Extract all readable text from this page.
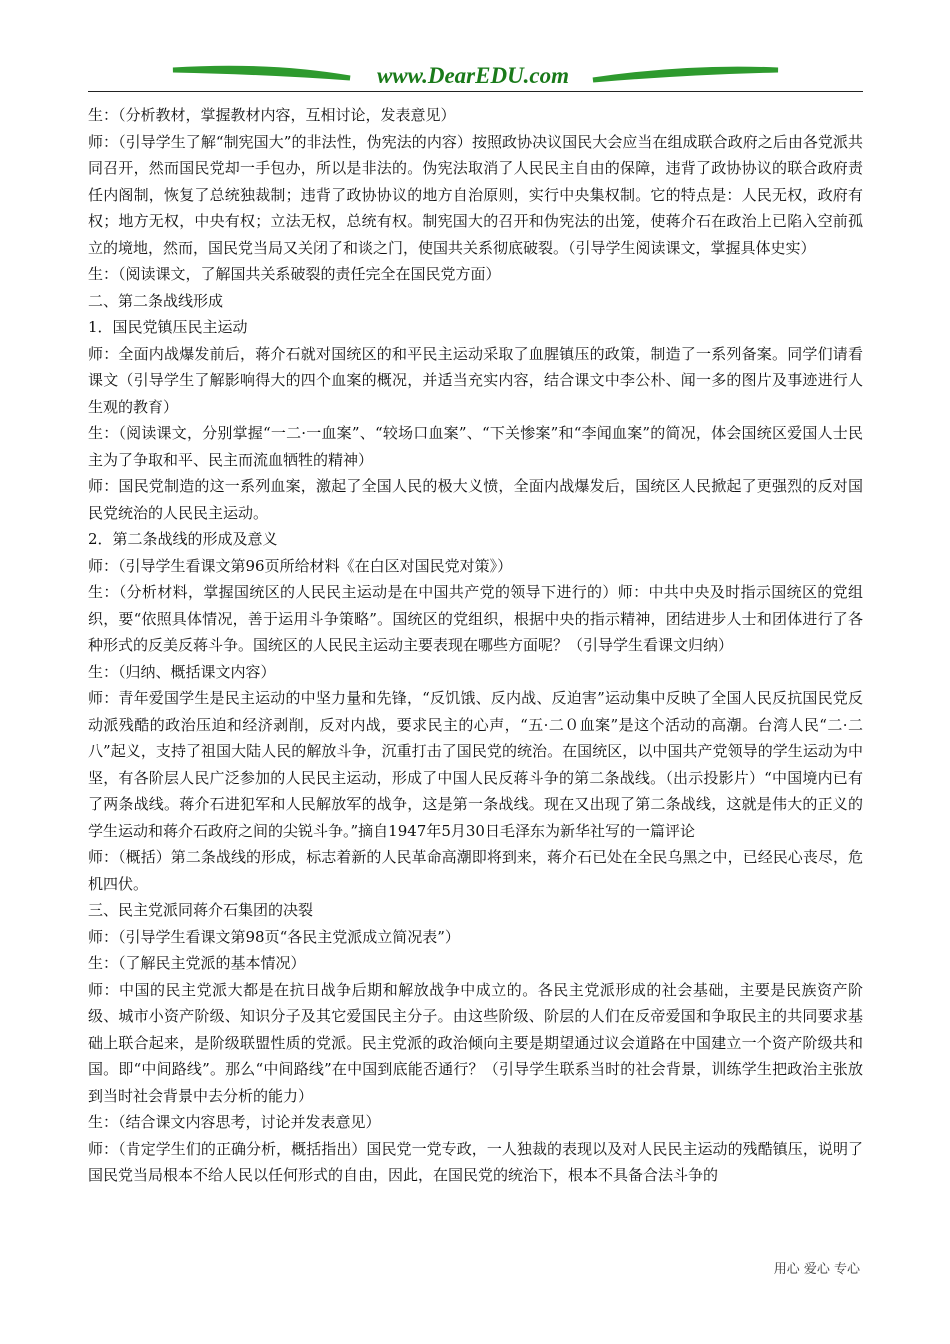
www.DearEDU.com

生：（分析教材，掌握教材内容，互相讨论，发表意见）

师：（引导学生了解“制宪国大”的非法性，伪宪法的内容）按照政协决议国民大会应当在组成联合政府之后由各党派共同召开，然而国民党却一手包办，所以是非法的。伪宪法取消了人民民主自由的保障，违背了政协协议的联合政府责任内阁制，恢复了总统独裁制；违背了政协协议的地方自治原则，实行中央集权制。它的特点是：人民无权，政府有权；地方无权，中央有权；立法无权，总统有权。制宪国大的召开和伪宪法的出笼，使蒋介石在政治上已陷入空前孤立的境地，然而，国民党当局又关闭了和谈之门，使国共关系彻底破裂。（引导学生阅读课文，掌握具体史实）

生：（阅读课文，了解国共关系破裂的责任完全在国民党方面）

二、第二条战线形成

1．国民党镇压民主运动

师：全面内战爆发前后，蒋介石就对国统区的和平民主运动采取了血腥镇压的政策，制造了一系列备案。同学们请看课文（引导学生了解影响得大的四个血案的概况，并适当充实内容，结合课文中李公朴、闻一多的图片及事迹进行人生观的教育）

生：（阅读课文，分别掌握“一二·一血案”、“较场口血案”、“下关惨案”和“李闻血案”的简况，体会国统区爱国人士民主为了争取和平、民主而流血牺牲的精神）

师：国民党制造的这一系列血案，激起了全国人民的极大义愤，全面内战爆发后，国统区人民掀起了更强烈的反对国民党统治的人民民主运动。

2．第二条战线的形成及意义

师：（引导学生看课文第96页所给材料《在白区对国民党对策》）

生：（分析材料，掌握国统区的人民民主运动是在中国共产党的领导下进行的）师：中共中央及时指示国统区的党组织，要“依照具体情况，善于运用斗争策略”。国统区的党组织，根据中央的指示精神，团结进步人士和团体进行了各种形式的反美反蒋斗争。国统区的人民民主运动主要表现在哪些方面呢？（引导学生看课文归纳）

生：（归纳、概括课文内容）

师：青年爱国学生是民主运动的中坚力量和先锋，“反饥饿、反内战、反迫害”运动集中反映了全国人民反抗国民党反动派残酷的政治压迫和经济剥削，反对内战，要求民主的心声，“五·二０血案”是这个活动的高潮。台湾人民“二·二八”起义，支持了祖国大陆人民的解放斗争，沉重打击了国民党的统治。在国统区，以中国共产党领导的学生运动为中坚，有各阶层人民广泛参加的人民民主运动，形成了中国人民反蒋斗争的第二条战线。（出示投影片）“中国境内已有了两条战线。蒋介石进犯军和人民解放军的战争，这是第一条战线。现在又出现了第二条战线，这就是伟大的正义的学生运动和蒋介石政府之间的尖锐斗争。”摘自1947年5月30日毛泽东为新华社写的一篇评论

师：（概括）第二条战线的形成，标志着新的人民革命高潮即将到来，蒋介石已处在全民乌黑之中，已经民心丧尽，危机四伏。

三、民主党派同蒋介石集团的决裂

师：（引导学生看课文第98页“各民主党派成立简况表”）

生：（了解民主党派的基本情况）

师：中国的民主党派大都是在抗日战争后期和解放战争中成立的。各民主党派形成的社会基础，主要是民族资产阶级、城市小资产阶级、知识分子及其它爱国民主分子。由这些阶级、阶层的人们在反帝爱国和争取民主的共同要求基础上联合起来，是阶级联盟性质的党派。民主党派的政治倾向主要是期望通过议会道路在中国建立一个资产阶级共和国。即“中间路线”。那么“中间路线”在中国到底能否通行？（引导学生联系当时的社会背景，训练学生把政治主张放到当时社会背景中去分析的能力）

生：（结合课文内容思考，讨论并发表意见）

师：（肯定学生们的正确分析，概括指出）国民党一党专政，一人独裁的表现以及对人民民主运动的残酷镇压，说明了国民党当局根本不给人民以任何形式的自由，因此，在国民党的统治下，根本不具备合法斗争的

用心 爱心 专心
